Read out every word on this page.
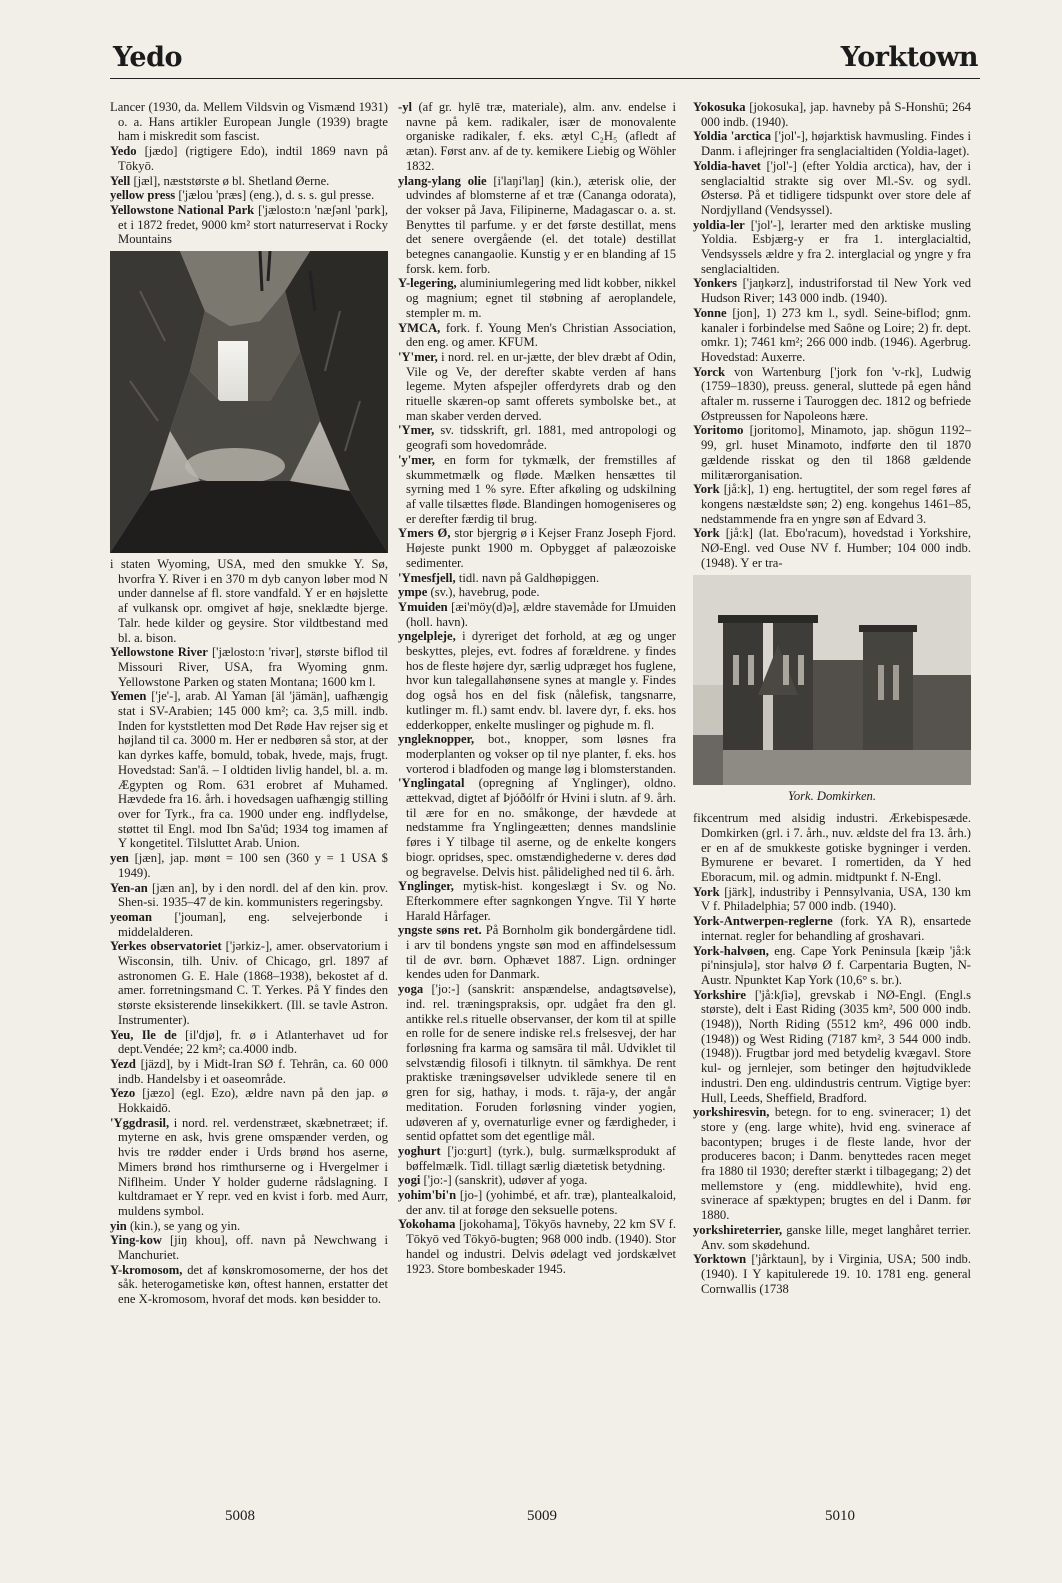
Yedo	Yorktown

Lancer (1930, da. Mellem Vildsvin og Vismænd 1931) o. a. Hans artikler European Jungle (1939) bragte ham i miskredit som fascist.

Yedo [jædo] (rigtigere Edo), indtil 1869 navn på Tōkyō.

Yell [jæl], næststørste ø bl. Shetland Øerne.

yellow press ['jælou 'præs] (eng.), d. s. s. gul presse.

Yellowstone National Park ['jælosto:n 'næʃənl 'pɑrk], et i 1872 fredet, 9000 km² stort naturreservat i Rocky Mountains

i staten Wyoming, USA, med den smukke Y. Sø, hvorfra Y. River i en 370 m dyb canyon løber mod N under dannelse af fl. store vandfald. Y er en højslette af vulkansk opr. omgivet af høje, sneklædte bjerge. Talr. hede kilder og geysire. Stor vildtbestand med bl. a. bison.

Yellowstone River ['jælosto:n 'rivər], største biflod til Missouri River, USA, fra Wyoming gnm. Yellowstone Parken og staten Montana; 1600 km l.

Yemen ['je'-], arab. Al Yaman [äl 'jämän], uafhængig stat i SV-Arabien; 145 000 km²; ca. 3,5 mill. indb. Inden for kyststletten mod Det Røde Hav rejser sig et højland til ca. 3000 m. Her er nedbøren så stor, at der kan dyrkes kaffe, bomuld, tobak, hvede, majs, frugt. Hovedstad: San'â. – I oldtiden livlig handel, bl. a. m. Ægypten og Rom. 631 erobret af Muhamed. Hævdede fra 16. årh. i hovedsagen uafhængig stilling over for Tyrk., fra ca. 1900 under eng. indflydelse, støttet til Engl. mod Ibn Sa'ûd; 1934 tog imamen af Y kongetitel. Tilsluttet Arab. Union.

yen [jæn], jap. mønt = 100 sen (360 y = 1 USA $ 1949).

Yen-an [jæn an], by i den nordl. del af den kin. prov. Shen-si. 1935–47 de kin. kommunisters regeringsby.

yeoman ['jouman], eng. selvejerbonde i middelalderen.

Yerkes observatoriet ['jərkiz-], amer. observatorium i Wisconsin, tilh. Univ. of Chicago, grl. 1897 af astronomen G. E. Hale (1868–1938), bekostet af d. amer. forretningsmand C. T. Yerkes. På Y findes den største eksisterende linsekikkert. (Ill. se tavle Astron. Instrumenter).

Yeu, Ile de [il'djø], fr. ø i Atlanterhavet ud for dept.Vendée; 22 km²; ca.4000 indb.

Yezd [jäzd], by i Midt-Iran SØ f. Tehrân, ca. 60 000 indb. Handelsby i et oaseområde.

Yezo [jæzo] (egl. Ezo), ældre navn på den jap. ø Hokkaidō.

'Yggdrasil, i nord. rel. verdenstræet, skæbnetræet; if. myterne en ask, hvis grene omspænder verden, og hvis tre rødder ender i Urds brønd hos aserne, Mimers brønd hos rimthurserne og i Hvergelmer i Niflheim. Under Y holder guderne rådslagning. I kultdramaet er Y repr. ved en kvist i forb. med Aurr, muldens symbol.

yin (kin.), se yang og yin.

Ying-kow [jiŋ khou], off. navn på Newchwang i Manchuriet.

Y-kromosom, det af kønskromosomerne, der hos det såk. heterogametiske køn, oftest hannen, erstatter det ene X-kromosom, hvoraf det mods. køn besidder to.

-yl (af gr. hylē træ, materiale), alm. anv. endelse i navne på kem. radikaler, især de monovalente organiske radikaler, f. eks. ætyl C₂H₅ (afledt af ætan). Først anv. af de ty. kemikere Liebig og Wöhler 1832.

ylang-ylang olie [i'laŋi'laŋ] (kin.), æterisk olie, der udvindes af blomsterne af et træ (Cananga odorata), der vokser på Java, Filipinerne, Madagascar o. a. st. Benyttes til parfume. y er det første destillat, mens det senere overgående (el. det totale) destillat betegnes canangaolie. Kunstig y er en blanding af 15 forsk. kem. forb.

Y-legering, aluminiumlegering med lidt kobber, nikkel og magnium; egnet til støbning af aeroplandele, stempler m. m.

YMCA, fork. f. Young Men's Christian Association, den eng. og amer. KFUM.

'Y'mer, i nord. rel. en ur-jætte, der blev dræbt af Odin, Vile og Ve, der derefter skabte verden af hans legeme. Myten afspejler offerdyrets drab og den rituelle skæren-op samt offerets symbolske bet., at man skaber verden derved.

'Ymer, sv. tidsskrift, grl. 1881, med antropologi og geografi som hovedområde.

'y'mer, en form for tykmælk, der fremstilles af skummetmælk og fløde. Mælken hensættes til syrning med 1 % syre. Efter afkøling og udskilning af valle tilsættes fløde. Blandingen homogeniseres og er derefter færdig til brug.

Ymers Ø, stor bjergrig ø i Kejser Franz Joseph Fjord. Højeste punkt 1900 m. Opbygget af palæozoiske sedimenter.

'Ymesfjell, tidl. navn på Galdhøpiggen.

ympe (sv.), havebrug, pode.

Ymuiden [æi'möy(d)ə], ældre stavemåde for IJmuiden (holl. havn).

yngelpleje, i dyreriget det forhold, at æg og unger beskyttes, plejes, evt. fodres af forældrene. y findes hos de fleste højere dyr, særlig udpræget hos fuglene, hvor kun talegallahønsene synes at mangle y. Findes dog også hos en del fisk (nålefisk, tangsnarre, kutlinger m. fl.) samt endv. bl. lavere dyr, f. eks. hos edderkopper, enkelte muslinger og pighude m. fl.

yngleknopper, bot., knopper, som løsnes fra moderplanten og vokser op til nye planter, f. eks. hos vorterod i bladfoden og mange løg i blomsterstanden.

'Ynglingatal (opregning af Ynglinger), oldno. ættekvad, digtet af Þjóðólfr ór Hvini i slutn. af 9. årh. til ære for en no. småkonge, der hævdede at nedstamme fra Ynglingeætten; dennes mandslinie føres i Y tilbage til aserne, og de enkelte kongers biogr. opridses, spec. omstændighederne v. deres død og begravelse. Delvis hist. pålidelighed ned til 6. årh.

Ynglinger, mytisk-hist. kongeslægt i Sv. og No. Efterkommere efter sagnkongen Yngve. Til Y hørte Harald Hårfager.

yngste søns ret. På Bornholm gik bondergårdene tidl. i arv til bondens yngste søn mod en affindelsessum til de øvr. børn. Ophævet 1887. Lign. ordninger kendes uden for Danmark.

yoga ['jo:-] (sanskrit: anspændelse, andagtsøvelse), ind. rel. træningspraksis, opr. udgået fra den gl. antikke rel.s rituelle observanser, der kom til at spille en rolle for de senere indiske rel.s frelsesvej, der har forløsning fra karma og samsāra til mål. Udviklet til selvstændig filosofi i tilknytn. til sāmkhya. De rent praktiske træningsøvelser udviklede senere til en gren for sig, hathay, i mods. t. rāja-y, der angår meditation. Foruden forløsning vinder yogien, udøveren af y, overnaturlige evner og færdigheder, i sentid opfattet som det egentlige mål.

yoghurt ['jo:gurt] (tyrk.), bulg. surmælksprodukt af bøffelmælk. Tidl. tillagt særlig diætetisk betydning.

yogi ['jo:-] (sanskrit), udøver af yoga.

yohim'bi'n [jo-] (yohimbé, et afr. træ), plantealkaloid, der anv. til at forøge den seksuelle potens.

Yokohama [jokohama], Tōkyōs havneby, 22 km SV f. Tōkyō ved Tōkyō-bugten; 968 000 indb. (1940). Stor handel og industri. Delvis ødelagt ved jordskælvet 1923. Store bombeskader 1945.

Yokosuka [jokosuka], jap. havneby på S-Honshū; 264 000 indb. (1940).

Yoldia 'arctica ['jol'-], højarktisk havmusling. Findes i Danm. i aflejringer fra senglacialtiden (Yoldia-laget).

Yoldia-havet ['jol'-] (efter Yoldia arctica), hav, der i senglacialtid strakte sig over Ml.-Sv. og sydl. Østersø. På et tidligere tidspunkt over store dele af Nordjylland (Vendsyssel).

yoldia-ler ['jol'-], lerarter med den arktiske musling Yoldia. Esbjærg-y er fra 1. interglacialtid, Vendsyssels ældre y fra 2. interglacial og yngre y fra senglacialtiden.

Yonkers ['jaŋkərz], industriforstad til New York ved Hudson River; 143 000 indb. (1940).

Yonne [jon], 1) 273 km l., sydl. Seine-biflod; gnm. kanaler i forbindelse med Saône og Loire; 2) fr. dept. omkr. 1); 7461 km²; 266 000 indb. (1946). Agerbrug. Hovedstad: Auxerre.

Yorck von Wartenburg ['jork fon 'v-rk], Ludwig (1759–1830), preuss. general, sluttede på egen hånd aftaler m. russerne i Tauroggen dec. 1812 og befriede Østpreussen for Napoleons hære.

Yoritomo [joritomo], Minamoto, jap. shōgun 1192–99, grl. huset Minamoto, indførte den til 1870 gældende risskat og den til 1868 gældende militærorganisation.

York [jå:k], 1) eng. hertugtitel, der som regel føres af kongens næstældste søn; 2) eng. kongehus 1461–85, nedstammende fra en yngre søn af Edvard 3.

York [jå:k] (lat. Ebo'racum), hovedstad i Yorkshire, NØ-Engl. ved Ouse NV f. Humber; 104 000 indb. (1948). Y er tra-

York. Domkirken.

fikcentrum med alsidig industri. Ærkebispesæde. Domkirken (grl. i 7. årh., nuv. ældste del fra 13. årh.) er en af de smukkeste gotiske bygninger i verden. Bymurene er bevaret. I romertiden, da Y hed Eboracum, mil. og admin. midtpunkt f. N-Engl.

York [järk], industriby i Pennsylvania, USA, 130 km V f. Philadelphia; 57 000 indb. (1940).

York-Antwerpen-reglerne (fork. YA R), ensartede internat. regler for behandling af groshavari.

York-halvøen, eng. Cape York Peninsula [kæip 'jå:k pi'ninsjulə], stor halvø Ø f. Carpentaria Bugten, N-Austr. Npunktet Kap York (10,6° s. br.).

Yorkshire ['jå:kʃiə], grevskab i NØ-Engl. (Engl.s største), delt i East Riding (3035 km², 500 000 indb. (1948)), North Riding (5512 km², 496 000 indb. (1948)) og West Riding (7187 km², 3 544 000 indb. (1948)). Frugtbar jord med betydelig kvægavl. Store kul- og jernlejer, som betinger den højtudviklede industri. Den eng. uldindustris centrum. Vigtige byer: Hull, Leeds, Sheffield, Bradford.

yorkshiresvin, betegn. for to eng. svineracer; 1) det store y (eng. large white), hvid eng. svinerace af bacontypen; bruges i de fleste lande, hvor der produceres bacon; i Danm. benyttedes racen meget fra 1880 til 1930; derefter stærkt i tilbagegang; 2) det mellemstore y (eng. middlewhite), hvid eng. svinerace af spæktypen; brugtes en del i Danm. før 1880.

yorkshireterrier, ganske lille, meget langhåret terrier. Anv. som skødehund.

Yorktown ['jårktaun], by i Virginia, USA; 500 indb. (1940). I Y kapitulerede 19. 10. 1781 eng. general Cornwallis (1738

5008	5009	5010
